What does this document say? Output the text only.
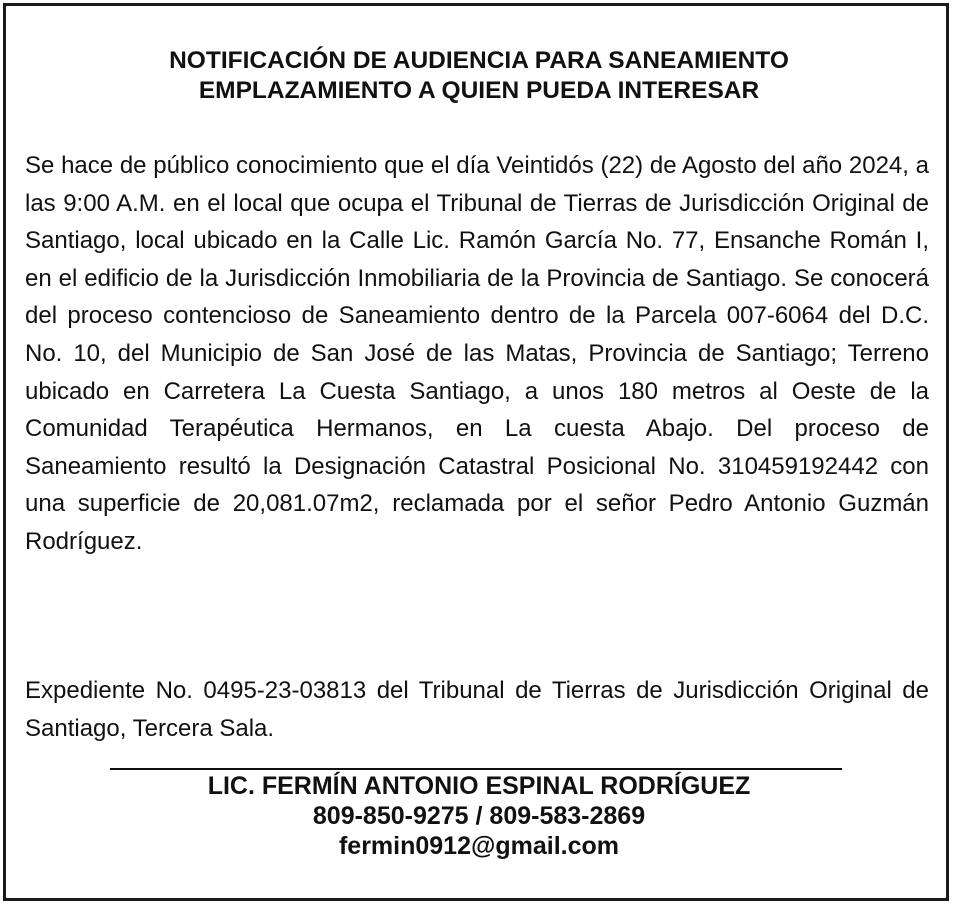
NOTIFICACIÓN DE AUDIENCIA PARA SANEAMIENTO
EMPLAZAMIENTO A QUIEN PUEDA INTERESAR

Se hace de público conocimiento que el día Veintidós (22) de Agosto del año 2024, a las 9:00 A.M. en el local que ocupa el Tribunal de Tierras de Jurisdicción Original de Santiago, local ubicado en la Calle Lic. Ramón García No. 77, Ensanche Román I, en el edificio de la Jurisdicción Inmobiliaria de la Provincia de Santiago. Se conocerá del proceso contencioso de Saneamiento dentro de la Parcela 007-6064 del D.C. No. 10, del Municipio de San José de las Matas, Provincia de Santiago; Terreno ubicado en Carretera La Cuesta Santiago, a unos 180 metros al Oeste de la Comunidad Terapéutica Hermanos, en La cuesta Abajo. Del proceso de Saneamiento resultó la Designación Catastral Posicional No. 310459192442 con una superficie de 20,081.07m2, reclamada por el señor Pedro Antonio Guzmán Rodríguez.

Expediente No. 0495-23-03813 del Tribunal de Tierras de Jurisdicción Original de Santiago, Tercera Sala.

LIC. FERMÍN ANTONIO ESPINAL RODRÍGUEZ
809-850-9275 / 809-583-2869
fermin0912@gmail.com
